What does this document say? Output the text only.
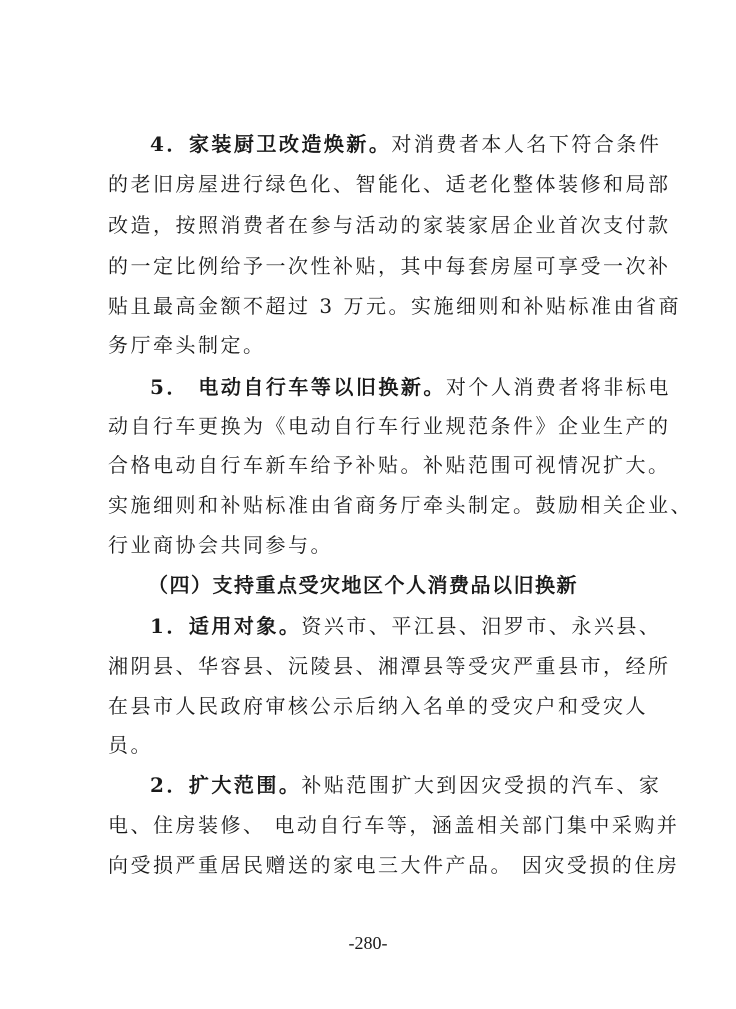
4．家装厨卫改造焕新。对消费者本人名下符合条件
的老旧房屋进行绿色化、智能化、适老化整体装修和局部
改造，按照消费者在参与活动的家装家居企业首次支付款
的一定比例给予一次性补贴，其中每套房屋可享受一次补
贴且最高金额不超过 3 万元。实施细则和补贴标准由省商
务厅牵头制定。
5． 电动自行车等以旧换新。对个人消费者将非标电
动自行车更换为《电动自行车行业规范条件》企业生产的
合格电动自行车新车给予补贴。补贴范围可视情况扩大。
实施细则和补贴标准由省商务厅牵头制定。鼓励相关企业、
行业商协会共同参与。
（四）支持重点受灾地区个人消费品以旧换新
1．适用对象。资兴市、平江县、汨罗市、永兴县、
湘阴县、华容县、沅陵县、湘潭县等受灾严重县市，经所
在县市人民政府审核公示后纳入名单的受灾户和受灾人
员。
2．扩大范围。补贴范围扩大到因灾受损的汽车、家
电、住房装修、 电动自行车等，涵盖相关部门集中采购并
向受损严重居民赠送的家电三大件产品。 因灾受损的住房
-280-
